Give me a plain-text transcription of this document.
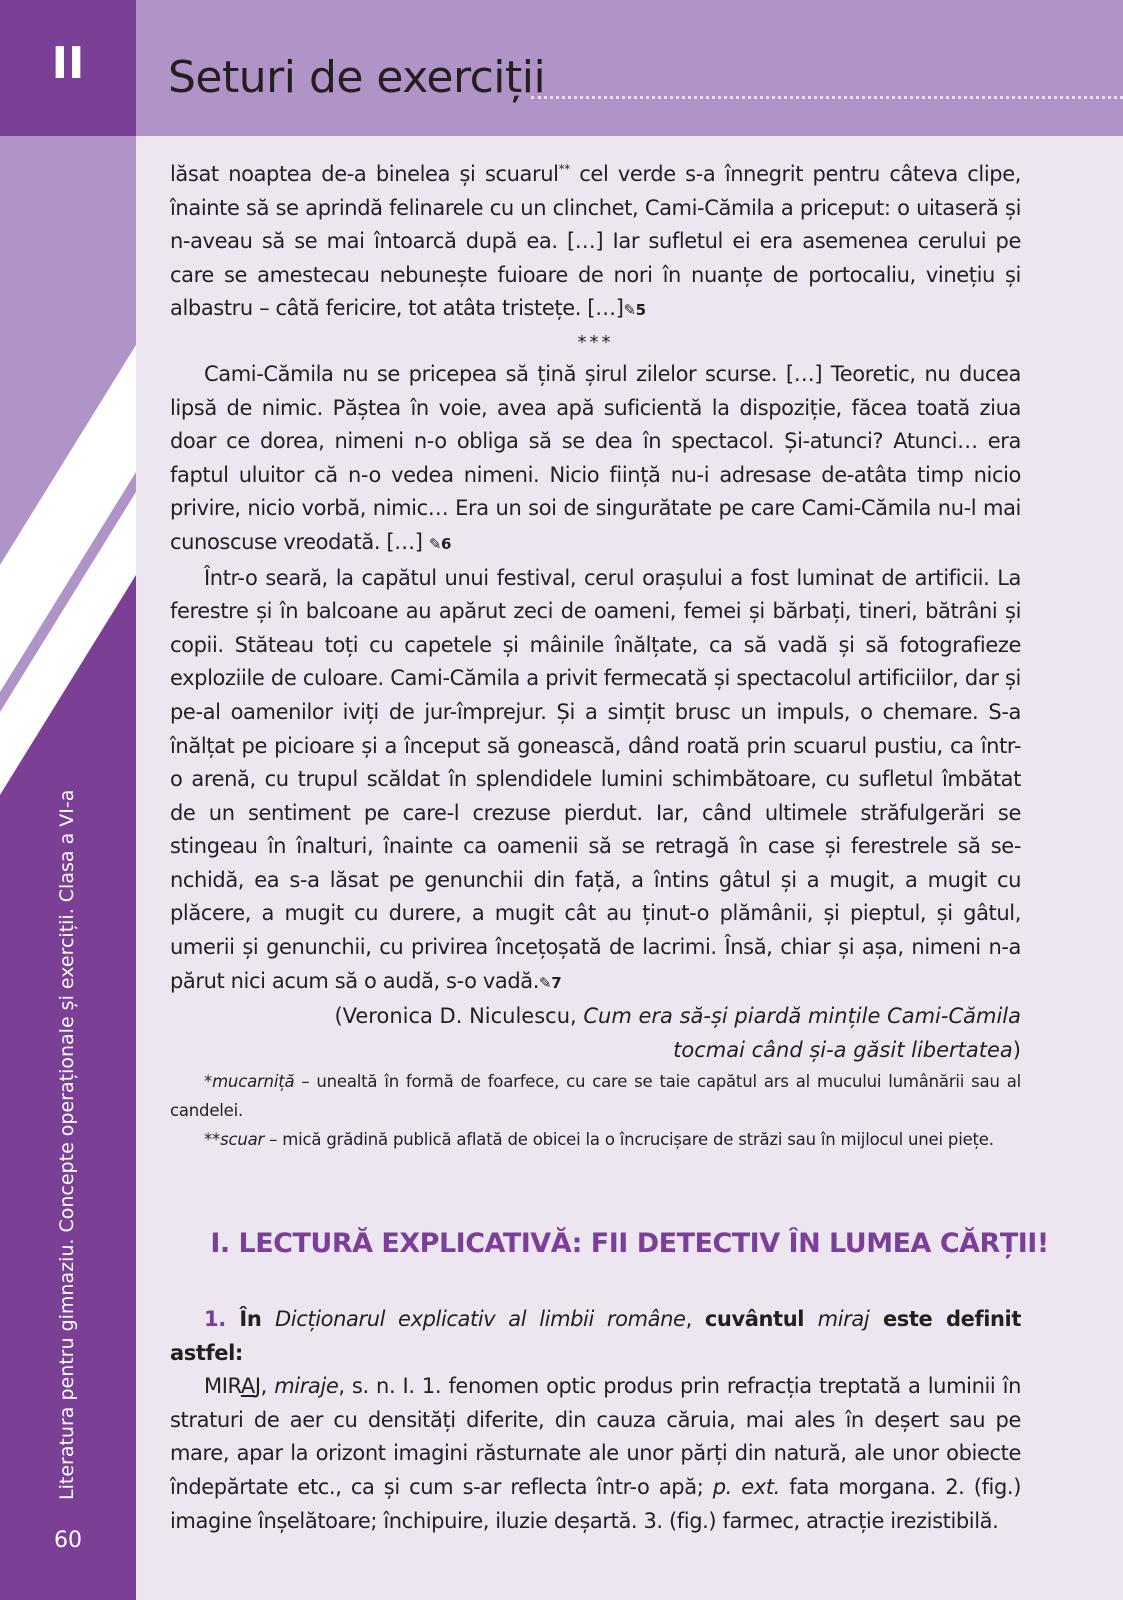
II
Literatura pentru gimnaziu. Concepte operaționale și exerciții. Clasa a VI-a
60
Seturi de exerciții

lăsat noaptea de-a binelea și scuarul** cel verde s-a înnegrit pentru câteva clipe, înainte să se aprindă felinarele cu un clinchet, Cami-Cămila a priceput: o uitaseră și n-aveau să se mai întoarcă după ea. […] Iar sufletul ei era asemenea cerului pe care se amestecau nebunește fuioare de nori în nuanțe de portocaliu, vinețiu și albastru – câtă fericire, tot atâta tristețe. […]✎5

***

Cami-Cămila nu se pricepea să țină șirul zilelor scurse. […] Teoretic, nu ducea lipsă de nimic. Păștea în voie, avea apă suficientă la dispoziție, făcea toată ziua doar ce dorea, nimeni n-o obliga să se dea în spectacol. Și-atunci? Atunci… era faptul uluitor că n-o vedea nimeni. Nicio ființă nu-i adresase de-atâta timp nicio privire, nicio vorbă, nimic… Era un soi de singurătate pe care Cami-Cămila nu-l mai cunoscuse vreodată. […] ✎6

Într-o seară, la capătul unui festival, cerul orașului a fost luminat de artificii. La ferestre și în balcoane au apărut zeci de oameni, femei și bărbați, tineri, bătrâni și copii. Stăteau toți cu capetele și mâinile înălțate, ca să vadă și să fotografieze exploziile de culoare. Cami-Cămila a privit fermecată și spectacolul artificiilor, dar și pe-al oamenilor iviți de jur-împrejur. Și a simțit brusc un impuls, o chemare. S-a înălțat pe picioare și a început să gonească, dând roată prin scuarul pustiu, ca într-o arenă, cu trupul scăldat în splendidele lumini schimbătoare, cu sufletul îmbătat de un sentiment pe care-l crezuse pierdut. Iar, când ultimele străfulgerări se stingeau în înalturi, înainte ca oamenii să se retragă în case și ferestrele să se-nchidă, ea s-a lăsat pe genunchii din față, a întins gâtul și a mugit, a mugit cu plăcere, a mugit cu durere, a mugit cât au ținut-o plămânii, și pieptul, și gâtul, umerii și genunchii, cu privirea încețoșată de lacrimi. Însă, chiar și așa, nimeni n-a părut nici acum să o audă, s-o vadă.✎7

(Veronica D. Niculescu, Cum era să-și piardă mințile Cami-Cămila
tocmai când și-a găsit libertatea)

*mucarniță – unealtă în formă de foarfece, cu care se taie capătul ars al mucului lumânării sau al candelei.

**scuar – mică grădină publică aflată de obicei la o încrucișare de străzi sau în mijlocul unei piețe.

I. LECTURĂ EXPLICATIVĂ: FII DETECTIV ÎN LUMEA CĂRȚII!

1. În Dicționarul explicativ al limbii române, cuvântul miraj este definit astfel:

MIRAJ, miraje, s. n. I. 1. fenomen optic produs prin refracția treptată a luminii în straturi de aer cu densități diferite, din cauza căruia, mai ales în deșert sau pe mare, apar la orizont imagini răsturnate ale unor părți din natură, ale unor obiecte îndepărtate etc., ca și cum s-ar reflecta într-o apă; p. ext. fata morgana. 2. (fig.) imagine înșelătoare; închipuire, iluzie deșartă. 3. (fig.) farmec, atracție irezistibilă.
